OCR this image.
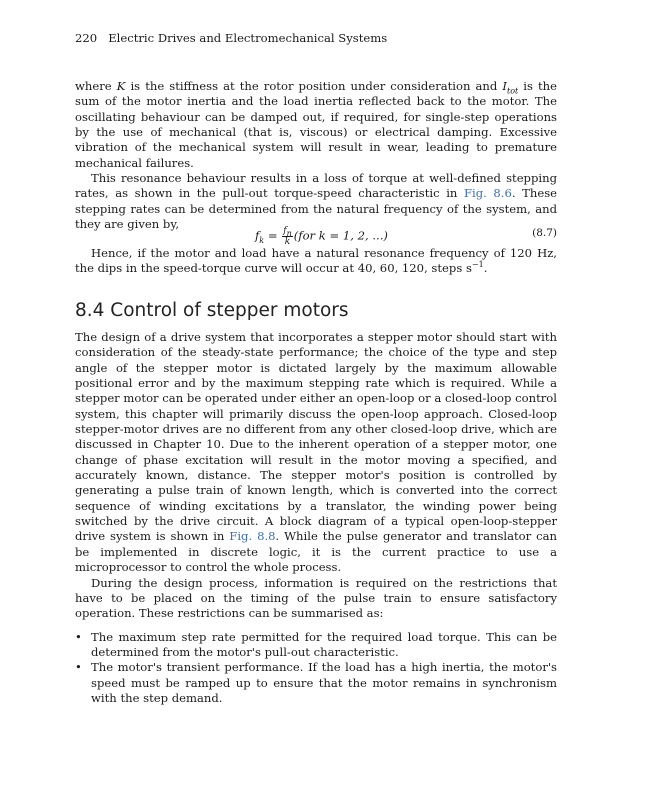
220 Electric Drives and Electromechanical Systems

where K is the stiffness at the rotor position under consideration and $I_{tot}$ is the sum of the motor inertia and the load inertia reflected back to the motor. The oscillating behaviour can be damped out, if required, for single-step operations by the use of mechanical (that is, viscous) or electrical damping. Excessive vibration of the mechanical system will result in wear, leading to premature mechanical failures.

This resonance behaviour results in a loss of torque at well-defined stepping rates, as shown in the pull-out torque-speed characteristic in Fig. 8.6. These stepping rates can be determined from the natural frequency of the system, and they are given by,

$f_k = \frac{f_n}{k} (for$ k = 1, 2, ...)	(8.7)

Hence, if the motor and load have a natural resonance frequency of 120 Hz, the dips in the speed-torque curve will occur at 40, 60, 120, steps $s^{-1}$.

8.4 Control of stepper motors

The design of a drive system that incorporates a stepper motor should start with consideration of the steady-state performance; the choice of the type and step angle of the stepper motor is dictated largely by the maximum allowable positional error and by the maximum stepping rate which is required. While a stepper motor can be operated under either an open-loop or a closed-loop control system, this chapter will primarily discuss the open-loop approach. Closed-loop stepper-motor drives are no different from any other closed-loop drive, which are discussed in Chapter 10. Due to the inherent operation of a stepper motor, one change of phase excitation will result in the motor moving a specified, and accurately known, distance. The stepper motor's position is controlled by generating a pulse train of known length, which is converted into the correct sequence of winding excitations by a translator, the winding power being switched by the drive circuit. A block diagram of a typical open-loop-stepper drive system is shown in Fig. 8.8. While the pulse generator and translator can be implemented in discrete logic, it is the current practice to use a microprocessor to control the whole process.

During the design process, information is required on the restrictions that have to be placed on the timing of the pulse train to ensure satisfactory operation. These restrictions can be summarised as:

• The maximum step rate permitted for the required load torque. This can be determined from the motor's pull-out characteristic.
• The motor's transient performance. If the load has a high inertia, the motor's speed must be ramped up to ensure that the motor remains in synchronism with the step demand.
